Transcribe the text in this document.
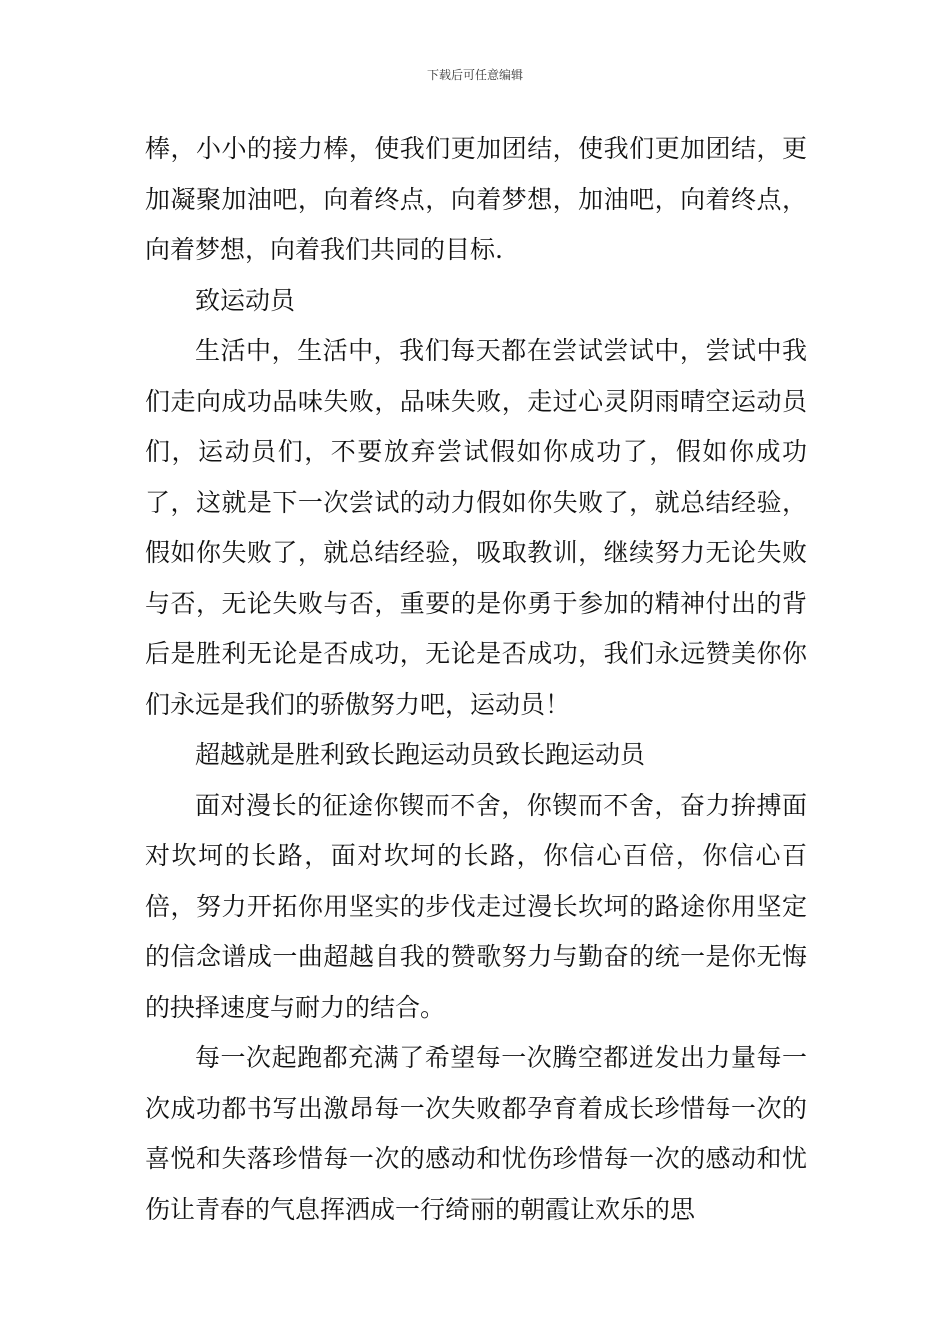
下载后可任意编辑

棒，小小的接力棒，使我们更加团结，使我们更加团结，更加凝聚加油吧，向着终点，向着梦想，加油吧，向着终点，向着梦想，向着我们共同的目标.

致运动员

生活中，生活中，我们每天都在尝试尝试中，尝试中我们走向成功品味失败，品味失败，走过心灵阴雨晴空运动员们，运动员们，不要放弃尝试假如你成功了，假如你成功了，这就是下一次尝试的动力假如你失败了，就总结经验，假如你失败了，就总结经验，吸取教训，继续努力无论失败与否，无论失败与否，重要的是你勇于参加的精神付出的背后是胜利无论是否成功，无论是否成功，我们永远赞美你你们永远是我们的骄傲努力吧，运动员！

超越就是胜利致长跑运动员致长跑运动员

面对漫长的征途你锲而不舍，你锲而不舍，奋力拚搏面对坎坷的长路，面对坎坷的长路，你信心百倍，你信心百倍，努力开拓你用坚实的步伐走过漫长坎坷的路途你用坚定的信念谱成一曲超越自我的赞歌努力与勤奋的统一是你无悔的抉择速度与耐力的结合。

每一次起跑都充满了希望每一次腾空都迸发出力量每一次成功都书写出激昂每一次失败都孕育着成长珍惜每一次的喜悦和失落珍惜每一次的感动和忧伤珍惜每一次的感动和忧伤让青春的气息挥洒成一行绮丽的朝霞让欢乐的思
